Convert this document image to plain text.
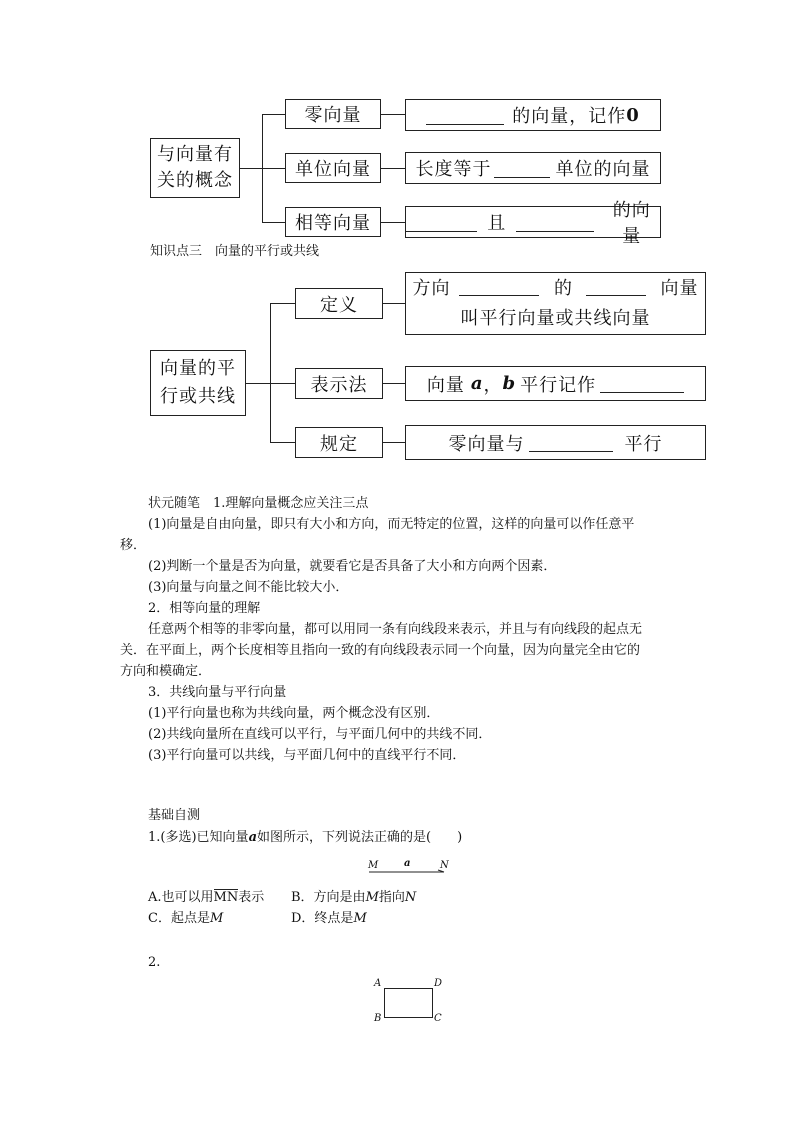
与向量有
关的概念
零向量	的向量，记作 0
单位向量 长度等于	单位的向量
相等向量	且
的向量
知识点三　向量的平行或共线
向量的平
行或共线
定义
方向	的	向量
叫平行向量或共线向量
表示法	向量 a ， b 平行记作
规定	零向量与	平行
状元随笔　1.理解向量概念应关注三点
(1)向量是自由向量，即只有大小和方向，而无特定的位置，这样的向量可以作任意平
移．
(2)判断一个量是否为向量，就要看它是否具备了大小和方向两个因素．
(3)向量与向量之间不能比较大小．
2．相等向量的理解
任意两个相等的非零向量，都可以用同一条有向线段来表示，并且与有向线段的起点无
关．在平面上，两个长度相等且指向一致的有向线段表示同一个向量，因为向量完全由它的
方向和模确定．
3．共线向量与平行向量
(1)平行向量也称为共线向量，两个概念没有区别．
(2)共线向量所在直线可以平行，与平面几何中的共线不同．
(3)平行向量可以共线，与平面几何中的直线平行不同．
基础自测
1.(多选)已知向量a如图所示，下列说法正确的是(　　)
M	a	N
A.也可以用MN表示 B．方向是由M指向N
C．起点是M	D．终点是M
2.
A	D
B	C
